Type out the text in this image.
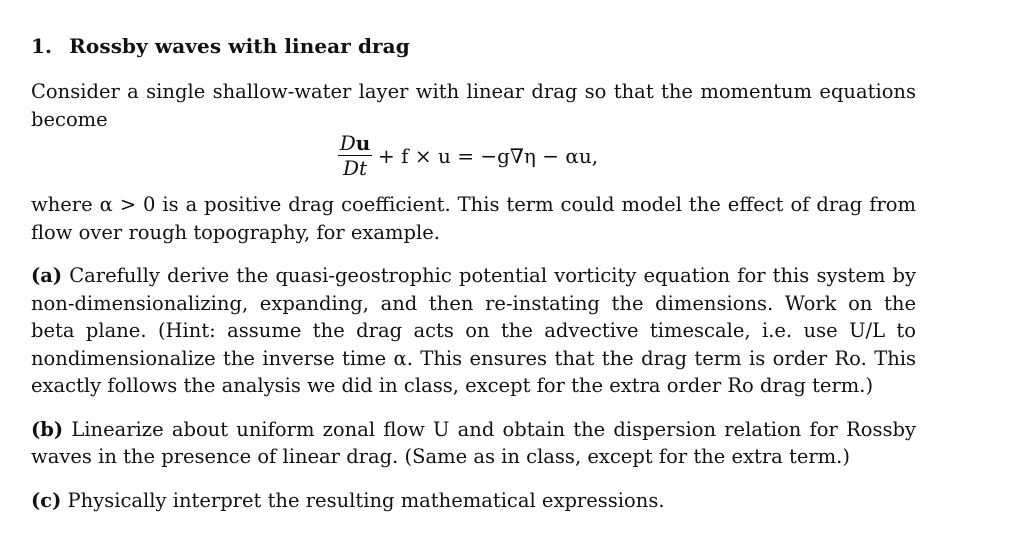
1. Rossby waves with linear drag

Consider a single shallow-water layer with linear drag so that the momentum equations become

where α > 0 is a positive drag coefficient. This term could model the effect of drag from flow over rough topography, for example.

(a) Carefully derive the quasi-geostrophic potential vorticity equation for this system by non-dimensionalizing, expanding, and then re-instating the dimensions. Work on the beta plane. (Hint: assume the drag acts on the advective timescale, i.e. use U/L to nondimensionalize the inverse time α. This ensures that the drag term is order Ro. This exactly follows the analysis we did in class, except for the extra order Ro drag term.)

(b) Linearize about uniform zonal flow U and obtain the dispersion relation for Rossby waves in the presence of linear drag. (Same as in class, except for the extra term.)

(c) Physically interpret the resulting mathematical expressions.

$\frac{Du}{Dt} + f \times u = -g\nabla\eta - \alpha u$,
